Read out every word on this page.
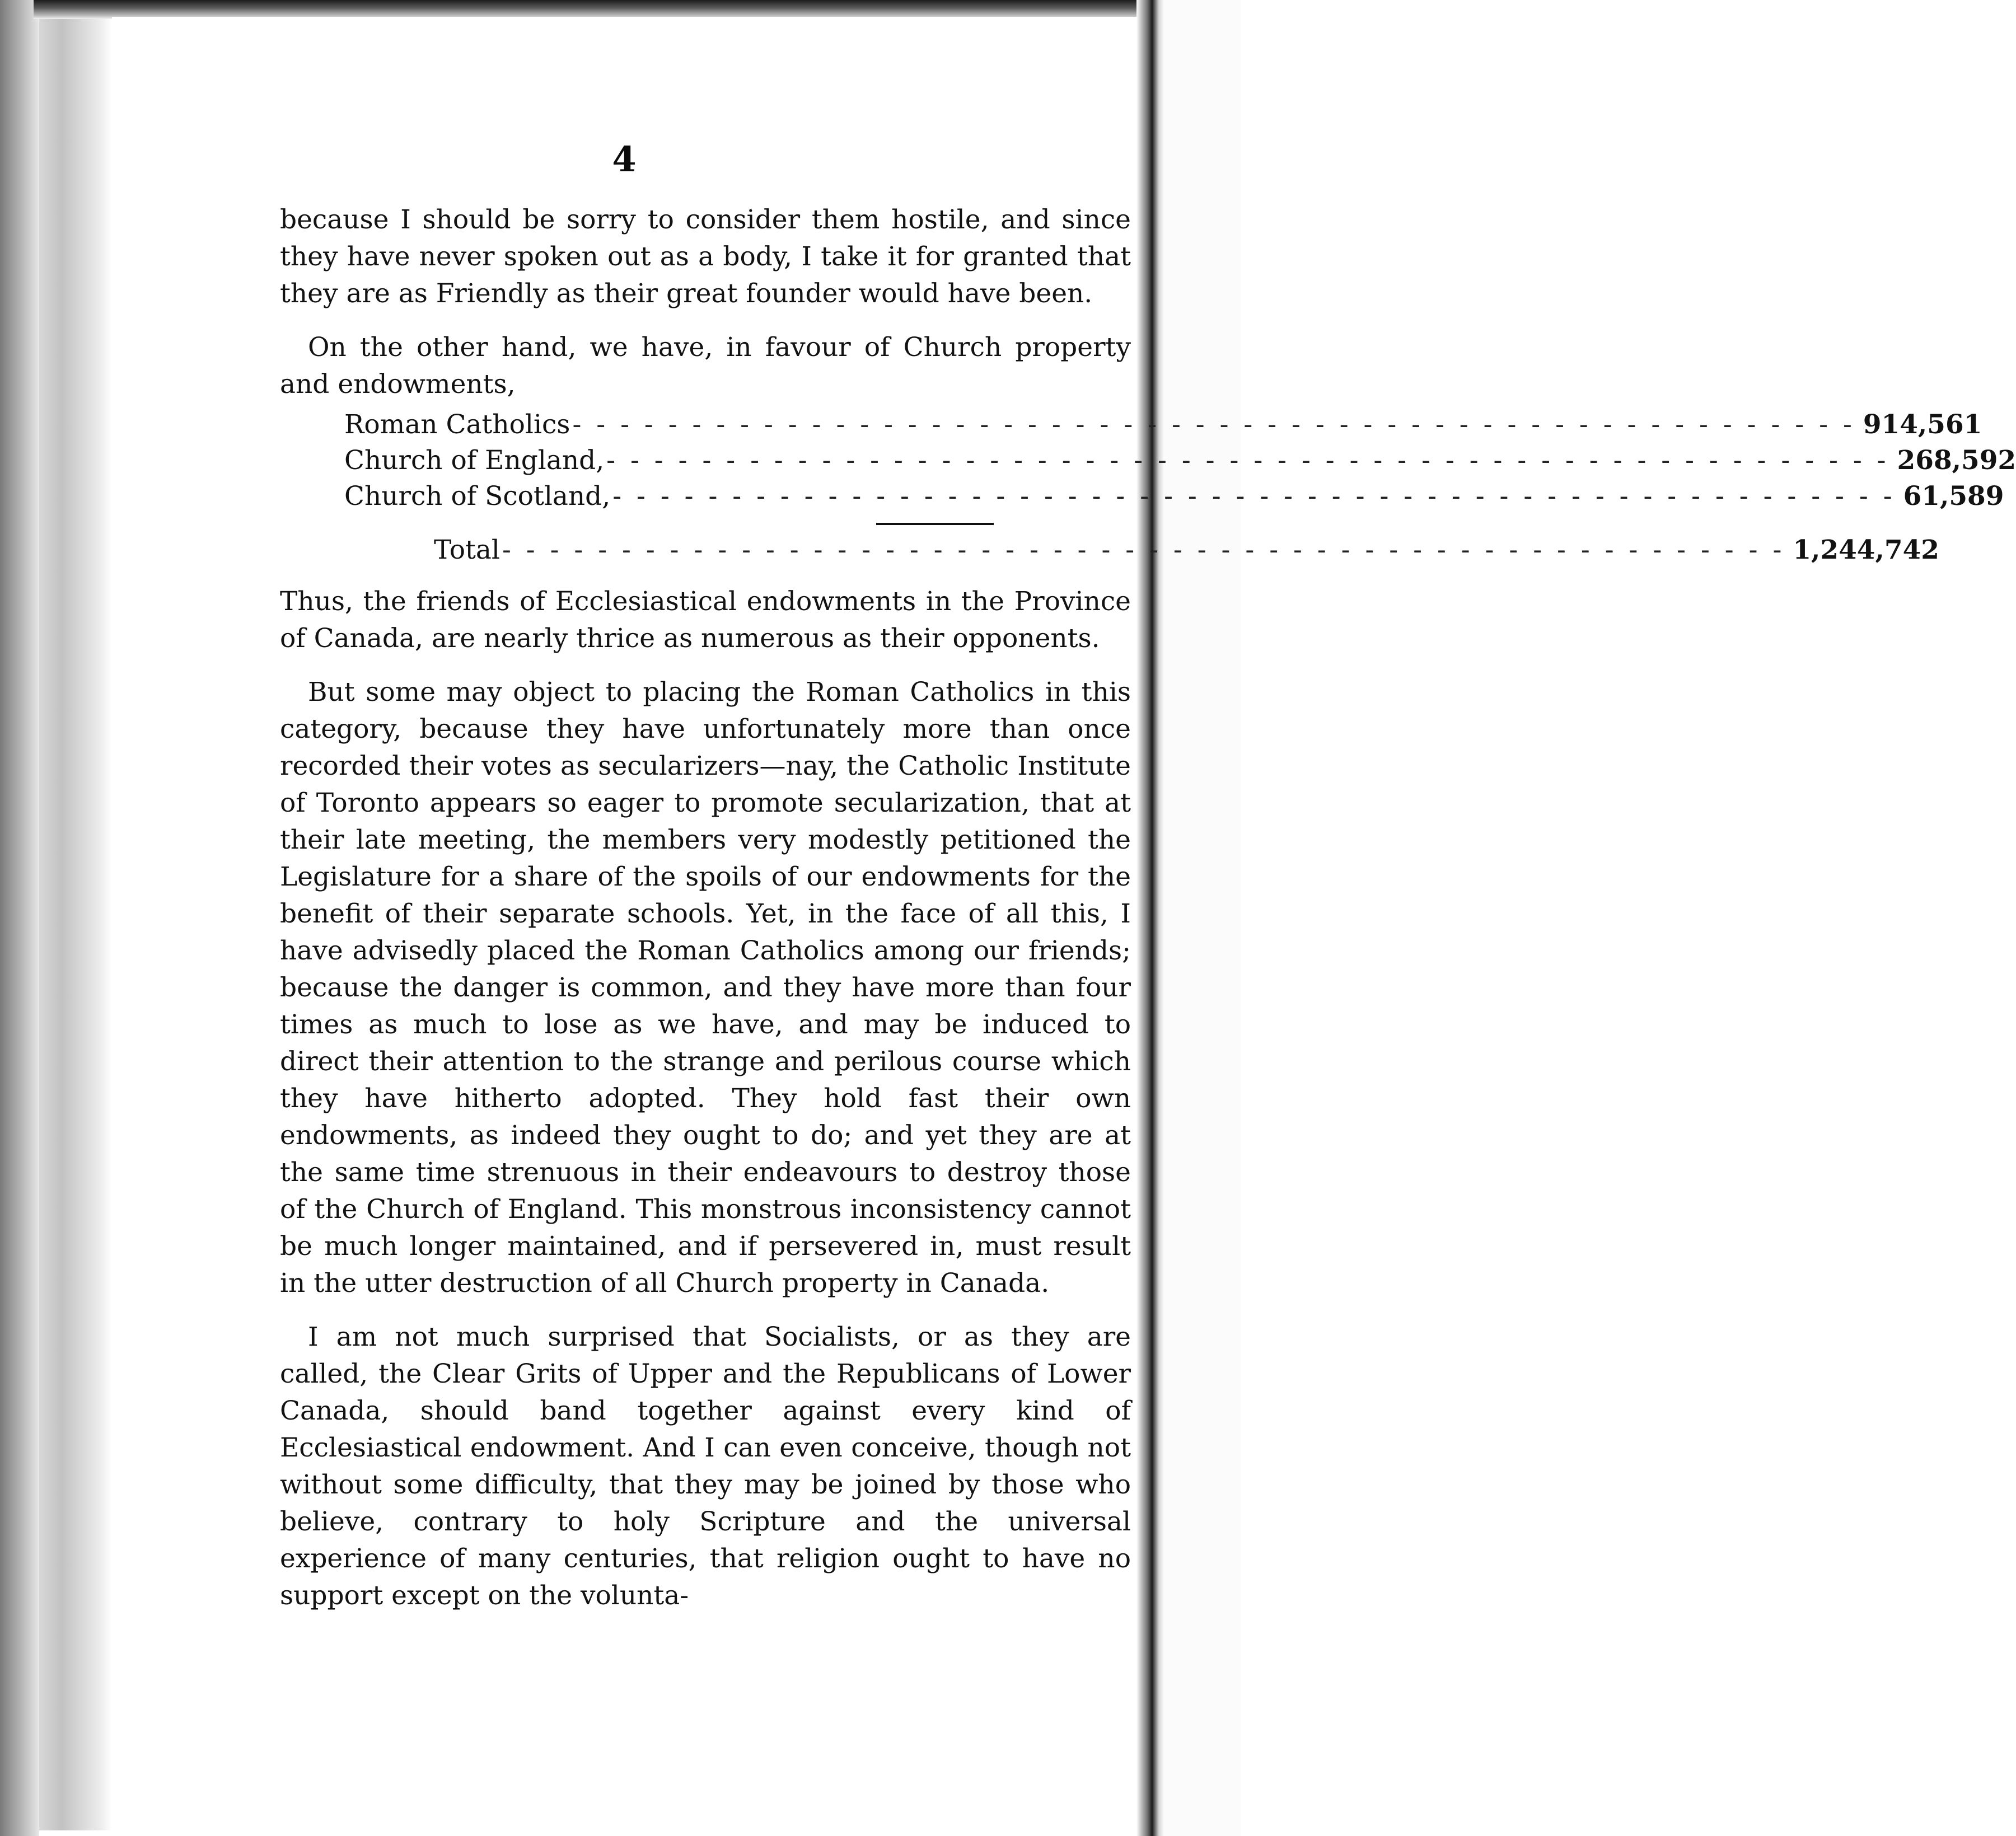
4

because I should be sorry to consider them hostile, and since they have never spoken out as a body, I take it for granted that they are as Friendly as their great founder would have been.

On the other hand, we have, in favour of Church property and endowments,

Roman Catholics - - - - - - - - - - - - - - - - - - - - - - - - - - - - - - - - - - - - - - - - - - - - - - - - - - - - - - 914,561
Church of England, - - - - - - - - - - - - - - - - - - - - - - - - - - - - - - - - - - - - - - - - - - - - - - - - - - - - - - 268,592
Church of Scotland, - - - - - - - - - - - - - - - - - - - - - - - - - - - - - - - - - - - - - - - - - - - - - - - - - - - - - - 61,589
Total - - - - - - - - - - - - - - - - - - - - - - - - - - - - - - - - - - - - - - - - - - - - - - - - - - - - - - 1,244,742

Thus, the friends of Ecclesiastical endowments in the Province of Canada, are nearly thrice as numerous as their opponents.

But some may object to placing the Roman Catholics in this category, because they have unfortunately more than once recorded their votes as secularizers—nay, the Catholic Institute of Toronto appears so eager to promote secularization, that at their late meeting, the members very modestly petitioned the Legislature for a share of the spoils of our endowments for the benefit of their separate schools. Yet, in the face of all this, I have advisedly placed the Roman Catholics among our friends; because the danger is common, and they have more than four times as much to lose as we have, and may be induced to direct their attention to the strange and perilous course which they have hitherto adopted. They hold fast their own endowments, as indeed they ought to do; and yet they are at the same time strenuous in their endeavours to destroy those of the Church of England. This monstrous inconsistency cannot be much longer maintained, and if persevered in, must result in the utter destruction of all Church property in Canada.

I am not much surprised that Socialists, or as they are called, the Clear Grits of Upper and the Republicans of Lower Canada, should band together against every kind of Ecclesiastical endowment. And I can even conceive, though not without some difficulty, that they may be joined by those who believe, contrary to holy Scripture and the universal experience of many centuries, that religion ought to have no support except on the volunta-
